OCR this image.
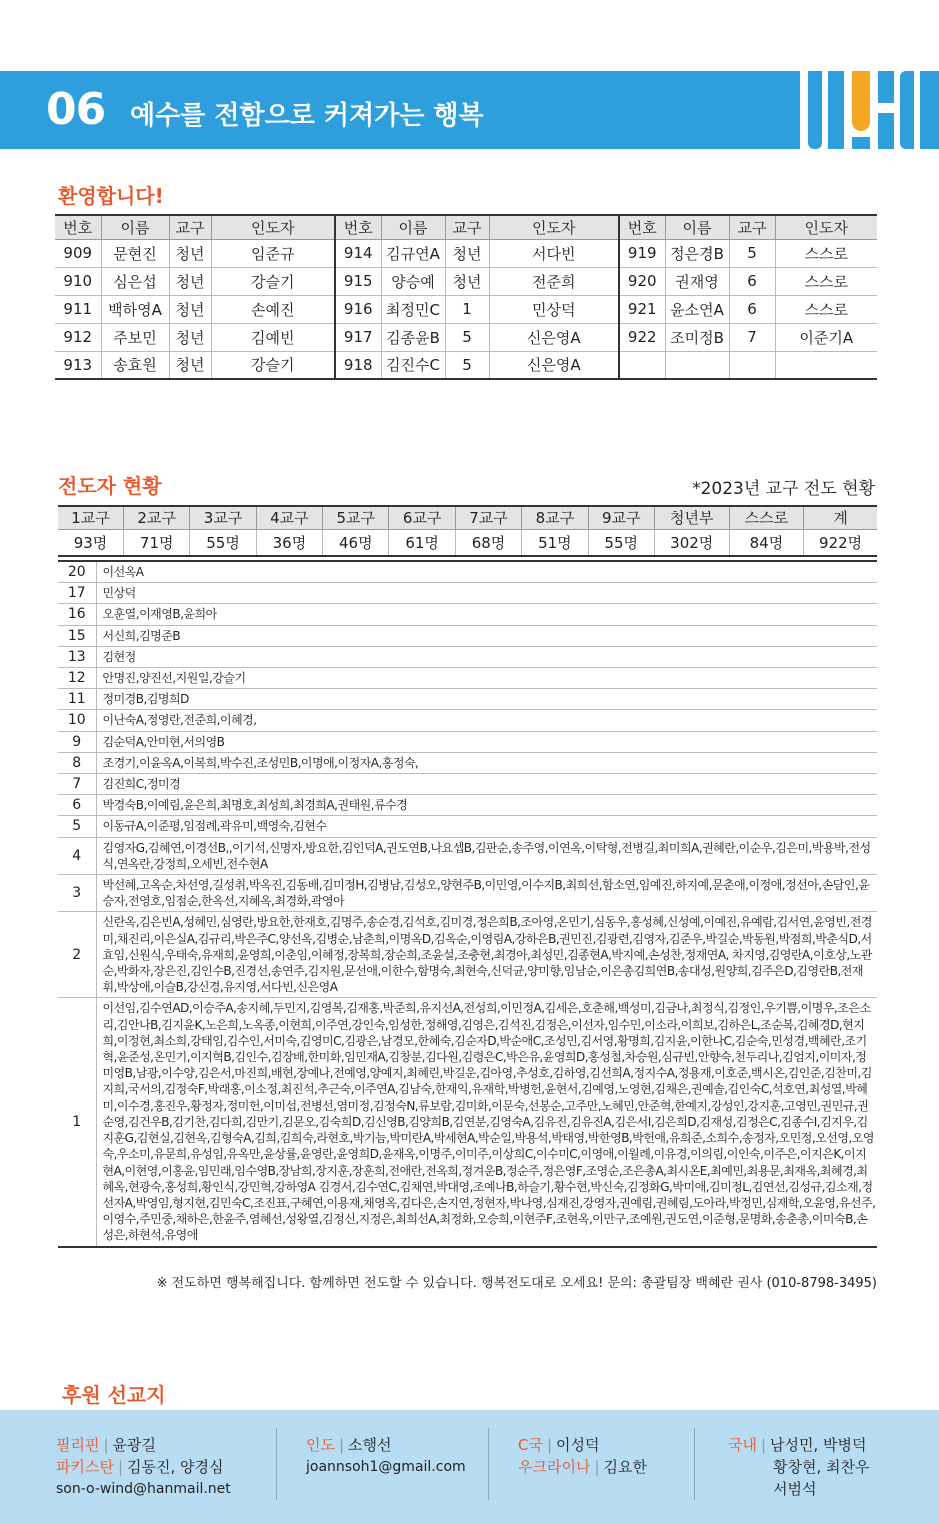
06 예수를 전함으로 커져가는 행복
환영합니다!
번호	이름	교구	인도자	번호	이름	교구	인도자	번호	이름	교구	인도자
909	문현진	청년	임준규	914	김규연A	청년	서다빈	919	정은경B	5	스스로
910	심은섭	청년	강슬기	915	양승예	청년	전준희	920	권재영	6	스스로
911	백하영A	청년	손예진	916	최정민C	1	민상덕	921	윤소연A	6	스스로
912	주보민	청년	김예빈	917	김종윤B	5	신은영A	922	조미정B	7	이준기A
913	송효원	청년	강슬기	918	김진수C	5	신은영A				
전도자 현황	*2023년 교구 전도 현황
1교구	2교구	3교구	4교구	5교구	6교구	7교구	8교구	9교구	청년부	스스로	계
93명	71명	55명	36명	46명	61명	68명	51명	55명	302명	84명	922명
20	이선옥A
17	민상덕
16	오훈열,이재영B,윤희아
15	서신희,김명준B
13	김현정
12	안명진,양진선,지원일,강슬기
11	정미경B,김명희D
10	이난숙A,정영란,전준희,이혜경,
9	김순덕A,안미현,서의영B
8	조경기,이윤옥A,이복희,박수진,조성민B,이명애,이정자A,홍정숙,
7	김진희C,정미경
6	박경숙B,이예림,윤은희,최명호,최성희,최경희A,권태원,류수경
5	이동규A,이준평,임점례,곽유미,백영숙,김현수
4	김영자G,김혜연,이경선B,,이기석,신명자,방요한,김인덕A,권도연B,나요셉B,김판순,송주영,이연옥,이탁형,전병길,최미희A,권혜란,이순우,김은미,박용박,전성식,연옥란,강정희,오세빈,전수현A
3	박선혜,고옥순,차선영,길성취,박옥진,김동배,김미정H,김병남,김성오,양현주B,이민영,이수지B,최희선,함소연,임예진,하지예,문춘애,이정애,정선아,손담인,윤승자,전영호,임점순,한옥선,지혜옥,최경화,곽영아
2	신란옥,김은빈A,성혜민,심영란,방요한,한재호,김명주,송순경,김석호,김미경,정은희B,조아영,온민기,심동우,홍성혜,신성예,이예진,유예람,김서연,윤영빈,전경미,채진리,이은실A,김규리,박은주C,양선옥,김병순,남춘희,이명옥D,김옥순,이영림A,강하은B,권민진,김광련,김영자,김준우,박길순,박동원,박점희,박춘식D,서효임,신원식,우태숙,유재희,윤영희,이춘임,이혜정,장복희,장순희,조윤설,조충현,최경아,최성민,김종현A,박지예,손성찬,정재연A, 차지영,김영란A,이호상,노관순,박화자,장은진,김인수B,진경선,송연주,김지원,문선애,이한수,함명숙,최현숙,신덕균,양미향,임남순,이은총김희연B,송대성,원양희,김주은D,김영란B,전재휘,박상애,이슬B,강신경,유지영,서다빈,신은영A
1	이선임,김수연AD,이승주A,송지혜,두민지,김영복,김재홍,박준희,유지선A,전성희,이민정A,김세은,호춘해,백성미,김금나,최정식,김정인,우기쁨,이명우,조은소리,김안나B,김지윤K,노은희,노옥종,이현희,이주연,강인숙,임성한,정해영,김영은,김석진,김정은,이선자,임수민,이소라,이희보,김하은L,조순복,김혜경D,현지희,이정현,최소희,강태임,김수인,서미숙,김영미C,김광은,남경모,한혜숙,김순자D,박순애C,조성민,김서영,황명희,김지윤,이한나C,김순숙,민성경,백혜란,조기혁,윤준성,온민기,이지혁B,김인수,김장배,한미화,임민재A,김창분,김다원,김령은C,박은유,윤영희D,홍성철,차승원,심규빈,안향숙,천두리나,김엄지,이미자,정미영B,남광,이수양,김은서,마진희,배현,장예나,전예영,양예지,최혜린,박길운,김아영,추성호,김하영,김선희A,정지수A,정용재,이호준,백시온,김인준,김찬미,김지희,국서의,김정숙F,박래홍,이소정,최진석,추근숙,이주연A,김남숙,한재익,유재학,박병헌,윤현서,김예영,노영현,김채은,권예솔,김인숙C,석호연,최성열,박혜미,이수경,홍진우,황정자,정미헌,이미섭,전병선,염미정,김정숙N,류보람,김미화,이문숙,선봉순,고주만,노혜민,안준혁,한예지,강성인,강지훈,고영민,권민규,권순영,김건우B,김기찬,김다희,김만기,김문오,김숙희D,김신영B,김양희B,김연분,김영숙A,김유진,김유진A,김은서I,김은희D,김재성,김정은C,김종수I,김지우,김지훈G,김현실,김현옥,김형숙A,김희,김희숙,라현호,박기늠,박미란A,박세현A,박순일,박용석,박태영,박한영B,박헌애,유희준,소희수,송정자,오민정,오선영,오영숙,우소미,유문희,유성임,유옥만,윤상률,윤영란,윤영희D,윤재옥,이명주,이미주,이상희C,이수미C,이영애,이월례,이유경,이의림,이인숙,이주은,이지은K,이지현A,이현영,이홍윤,임민래,임수영B,장남희,장지훈,장훈희,전애란,전옥희,정겨운B,정순주,정은영F,조영순,조은총A,최시온E,최예민,최용문,최재옥,최혜경,최혜옥,현광숙,홍성희,황인식,강민혁,강하영A 김경서,김수연C,김채연,박대영,조예나B,하슬기,황수현,박신숙,김정화G,박미애,김미정L,김연선,김성규,김소재,정선자A,박영임,형지현,김민숙C,조진표,구혜연,이용재,채영옥,김다은,손지연,정현자,박나영,심재진,강영자,권예림,권혜림,도아라,박정민,심재학,오윤영,유선주,이영수,주민중,채하은,한윤주,염혜선,성왕열,김정신,지정은,최희선A,최정화,오승희,이현주F,조현옥,이만구,조예원,권도연,이준형,문명화,송춘총,이미숙B,손성은,하현석,유영애
※ 전도하면 행복해집니다. 함께하면 전도할 수 있습니다. 행복전도대로 오세요! 문의: 총괄팀장 백혜란 권사 (010-8798-3495)
후원 선교지
필리핀 | 윤광길
파키스탄 | 김동진, 양경심
son-o-wind@hanmail.net
인도 | 소행선
joannsoh1@gmail.com
C국 | 이성덕
우크라이나 | 김요한
국내 | 남성민, 박병덕
황창현, 최찬우
서범석
